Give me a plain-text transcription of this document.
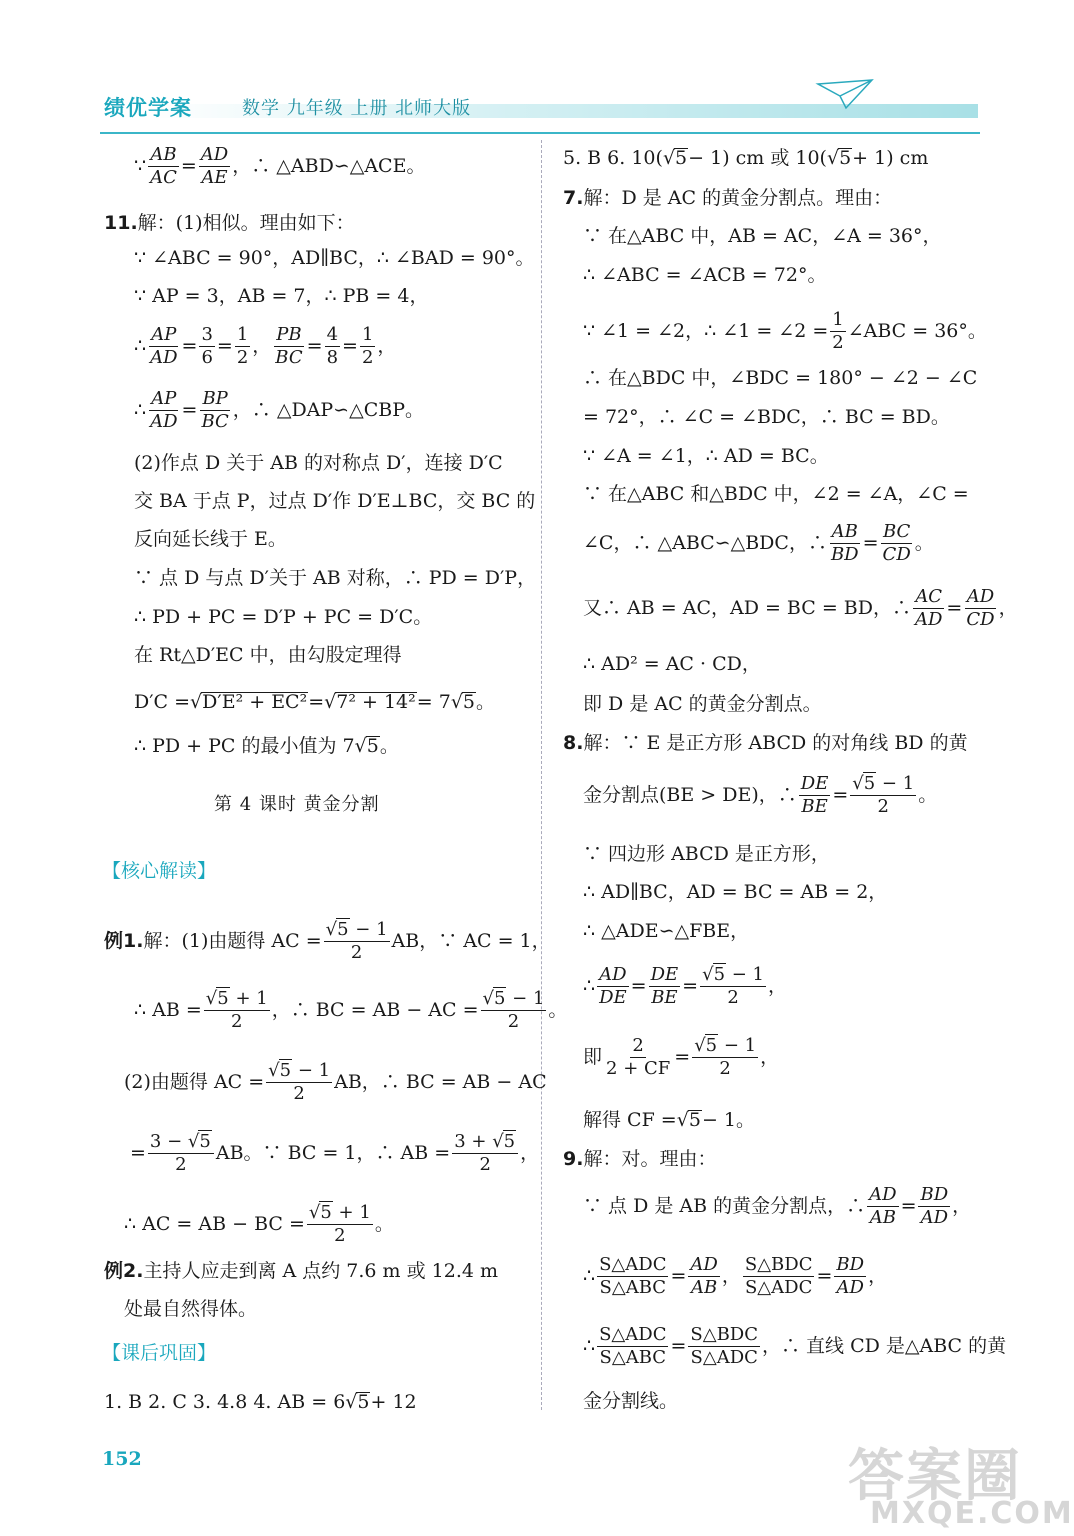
绩优学案	数学 九年级 上册 北师大版
∵ $\frac{AB}{AC} = \frac{AD}{AE}$ ，∴ △ABD∽△ACE。
11. 解：(1)相似。理由如下：
∵ ∠ABC = 90°，AD∥BC，∴ ∠BAD = 90°。
∵ AP = 3，AB = 7，∴ PB = 4，
∴ $\frac{AP}{AD} = \frac{3}{6} = \frac{1}{2}$ ， $\frac{PB}{BC} = \frac{4}{8} = \frac{1}{2}$ ，
∴ $\frac{AP}{AD} = \frac{BP}{BC}$ ，∴ △DAP∽△CBP。
(2)作点 D 关于 AB 的对称点 D′，连接 D′C
交 BA 于点 P，过点 D′作 D′E⊥BC，交 BC 的
反向延长线于 E。
∵ 点 D 与点 D′关于 AB 对称，∴ PD = D′P，
∴ PD + PC = D′P + PC = D′C。
在 Rt△D′EC 中，由勾股定理得
D′C = √ D′E² + EC² = √ 7² + 14² = 7 √ 5 。
∴ PD + PC 的最小值为 7 √ 5 。
第 4 课时 黄金分割
【核心解读】
例1. 解：(1)由题得 AC = $\frac{√5 - 1}{2}$ AB，∵ AC = 1，
∴ AB = $\frac{√5 + 1}{2}$ ，∴ BC = AB − AC = $\frac{√5 - 1}{2}$ 。
(2)由题得 AC = $\frac{√5 - 1}{2}$ AB，∴ BC = AB − AC
= $\frac{3 - √5}{2}$ AB。∵ BC = 1，∴ AB = $\frac{3 + √5}{2}$ ，
∴ AC = AB − BC = $\frac{√5 + 1}{2}$ 。
例2. 主持人应走到离 A 点约 7.6 m 或 12.4 m
处最自然得体。
【课后巩固】
1. B 2. C 3. 4.8 4. AB = 6 √ 5 + 12
5. B 6. 10( √ 5 − 1) cm 或 10( √ 5 + 1) cm
7. 解：D 是 AC 的黄金分割点。理由：
∵ 在△ABC 中，AB = AC，∠A = 36°，
∴ ∠ABC = ∠ACB = 72°。
∵ ∠1 = ∠2，∴ ∠1 = ∠2 = $\frac{1}{2}$ ∠ABC = 36°。
∴ 在△BDC 中，∠BDC = 180° − ∠2 − ∠C
= 72°，∴ ∠C = ∠BDC，∴ BC = BD。
∵ ∠A = ∠1，∴ AD = BC。
∵ 在△ABC 和△BDC 中，∠2 = ∠A，∠C =
∠C，∴ △ABC∽△BDC，∴ $\frac{AB}{BD} = \frac{BC}{CD}$ 。
又∴ AB = AC，AD = BC = BD，∴ $\frac{AC}{AD} = \frac{AD}{CD}$ ，
∴ AD² = AC · CD，
即 D 是 AC 的黄金分割点。
8. 解：∵ E 是正方形 ABCD 的对角线 BD 的黄
金分割点(BE > DE)，∴ $\frac{DE}{BE} = \frac{√5 - 1}{2}$ 。
∵ 四边形 ABCD 是正方形，
∴ AD∥BC，AD = BC = AB = 2，
∴ △ADE∽△FBE，
∴ $\frac{AD}{DE} = \frac{DE}{BE} = \frac{√5 - 1}{2}$ ，
即 $\frac{2}{2 + CF} = \frac{√5 - 1}{2}$ ，
解得 CF = √ 5 − 1。
9. 解：对。理由：
∵ 点 D 是 AB 的黄金分割点，∴ $\frac{AD}{AB} = \frac{BD}{AD}$ ，
∴ $\frac{\text{S△ADC}}{\text{S△ABC}} = \frac{AD}{AB}$ ， $\frac{\text{S△BDC}}{\text{S△ADC}} = \frac{BD}{AD}$ ，
∴ $\frac{\text{S△ADC}}{\text{S△ABC}} = \frac{\text{S△BDC}}{\text{S△ADC}}$ ，∴ 直线 CD 是△ABC 的黄
金分割线。
152	答案圈
MXQE.COM
